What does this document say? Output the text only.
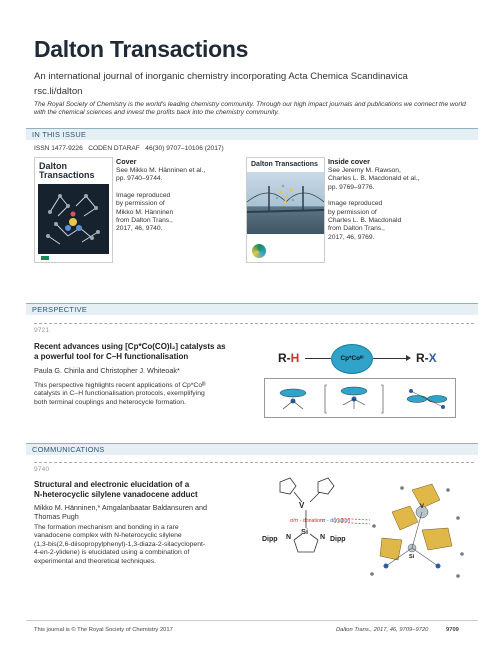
Dalton Transactions
An international journal of inorganic chemistry incorporating Acta Chemica Scandinavica
rsc.li/dalton
The Royal Society of Chemistry is the world's leading chemistry community. Through our high impact journals and publications we connect the world with the chemical sciences and invest the profits back into the chemistry community.
IN THIS ISSUE
ISSN 1477-9226 CODEN DTARAF 46(30) 9707–10106 (2017)
Dalton Transactions
Cover
See Mikko M. Hänninen et al.,
pp. 9740–9744.
Image reproduced
by permission of
Mikko M. Hänninen
from Dalton Trans.,
2017, 46, 9740.
Dalton Transactions Inside cover
See Jeremy M. Rawson,
Charles L. B. Macdonald et al.,
pp. 9769–9776.
Image reproduced
by permission of
Charles L. B. Macdonald
from Dalton Trans.,
2017, 46, 9769.
PERSPECTIVE
9721
Recent advances using [Cp*Co(CO)I₂] catalysts as
a powerful tool for C–H functionalisation
Paula G. Chirila and Christopher J. Whiteoak*
This perspective highlights recent applications of Cp*Coᴵᴵᴵ
catalysts in C–H functionalisation protocols, exemplifying
both terminal couplings and heterocycle formation.
R-H	Cp*Coᴵᴵᴵ	R-X
COMMUNICATIONS
9740
Structural and electronic elucidation of a
N-heterocyclic silylene vanadocene adduct
Mikko M. Hänninen,* Amgalanbaatar Baldansuren and
Thomas Pugh
The formation mechanism and bonding in a rare
vanadocene complex with N-heterocyclic silylene
(1,3-bis(2,6-diisopropylphenyl)-1,3-diaza-2-silacyclopent-
4-en-2-ylidene) is elucidated using a combination of
experimental and theoretical techniques.
V
Si
N	N
Dipp	Dipp
σ/π - donation π - donation
V
Si
This journal is © The Royal Society of Chemistry 2017	Dalton Trans., 2017, 46, 9709–9720	9709
